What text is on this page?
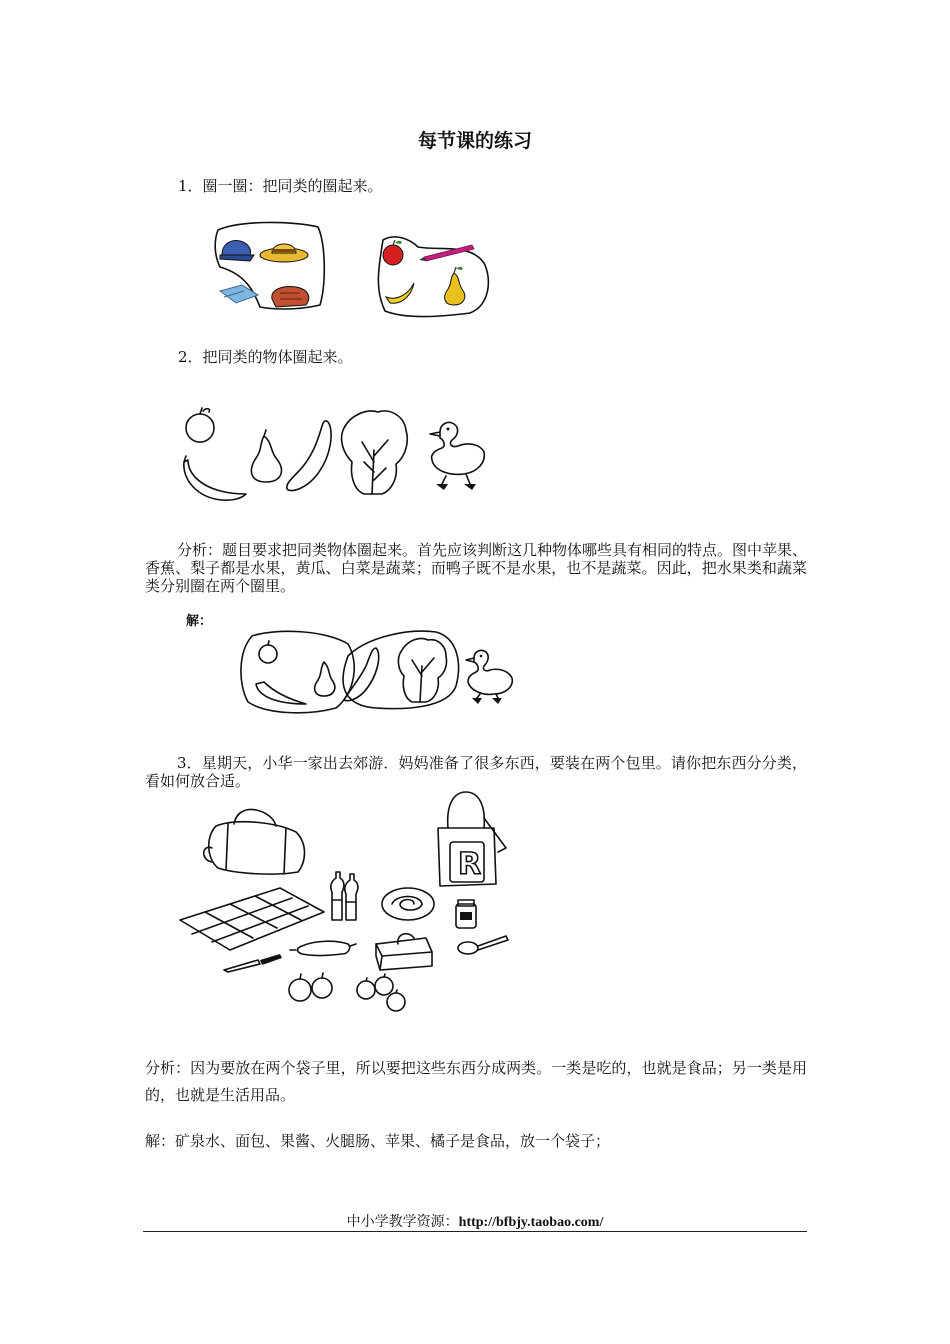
每节课的练习
1．圈一圈：把同类的圈起来。
2．把同类的物体圈起来。
分析：题目要求把同类物体圈起来。首先应该判断这几种物体哪些具有相同的特点。图中苹果、香蕉、梨子都是水果，黄瓜、白菜是蔬菜；而鸭子既不是水果，也不是蔬菜。因此，把水果类和蔬菜类分别圈在两个圈里。
解：
3．星期天，小华一家出去郊游．妈妈准备了很多东西，要装在两个包里。请你把东西分分类，看如何放合适。
R
分析：因为要放在两个袋子里，所以要把这些东西分成两类。一类是吃的，也就是食品；另一类是用的，也就是生活用品。
解：矿泉水、面包、果酱、火腿肠、苹果、橘子是食品，放一个袋子；
中小学教学资源：http://bfbjy.taobao.com/
